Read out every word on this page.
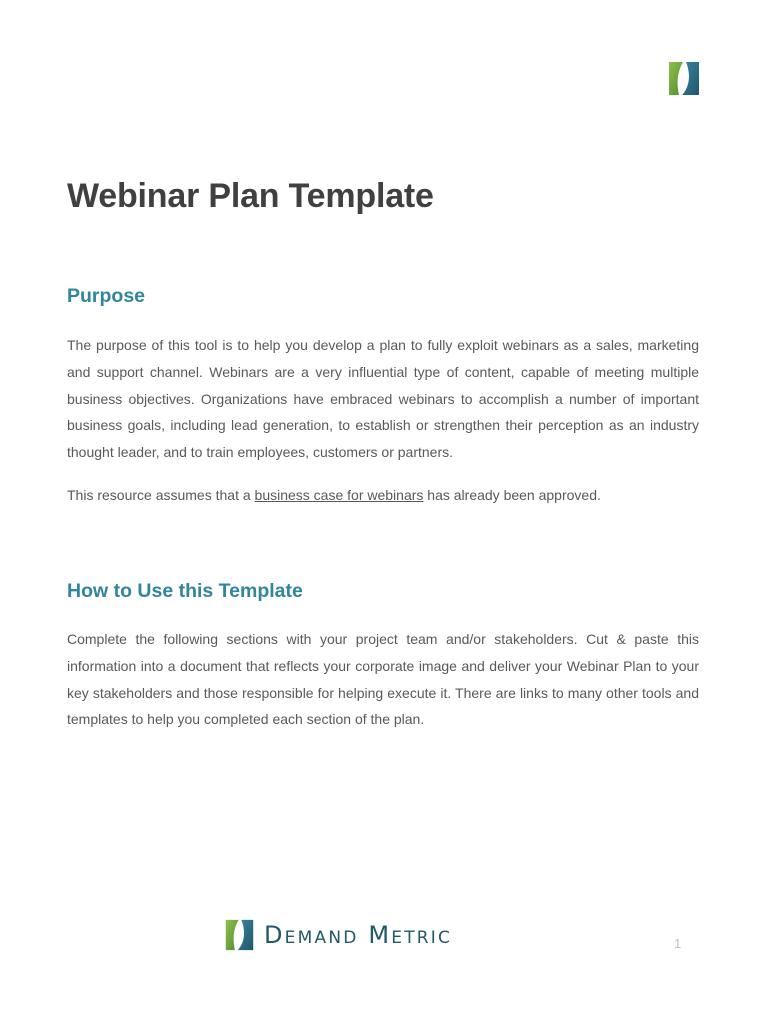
Webinar Plan Template
Purpose

The purpose of this tool is to help you develop a plan to fully exploit webinars as a sales, marketing and support channel. Webinars are a very influential type of content, capable of meeting multiple business objectives. Organizations have embraced webinars to accomplish a number of important business goals, including lead generation, to establish or strengthen their perception as an industry thought leader, and to train employees, customers or partners.

This resource assumes that a business case for webinars has already been approved.

How to Use this Template

Complete the following sections with your project team and/or stakeholders. Cut & paste this information into a document that reflects your corporate image and deliver your Webinar Plan to your key stakeholders and those responsible for helping execute it. There are links to many other tools and templates to help you completed each section of the plan.

Demand Metric	1
